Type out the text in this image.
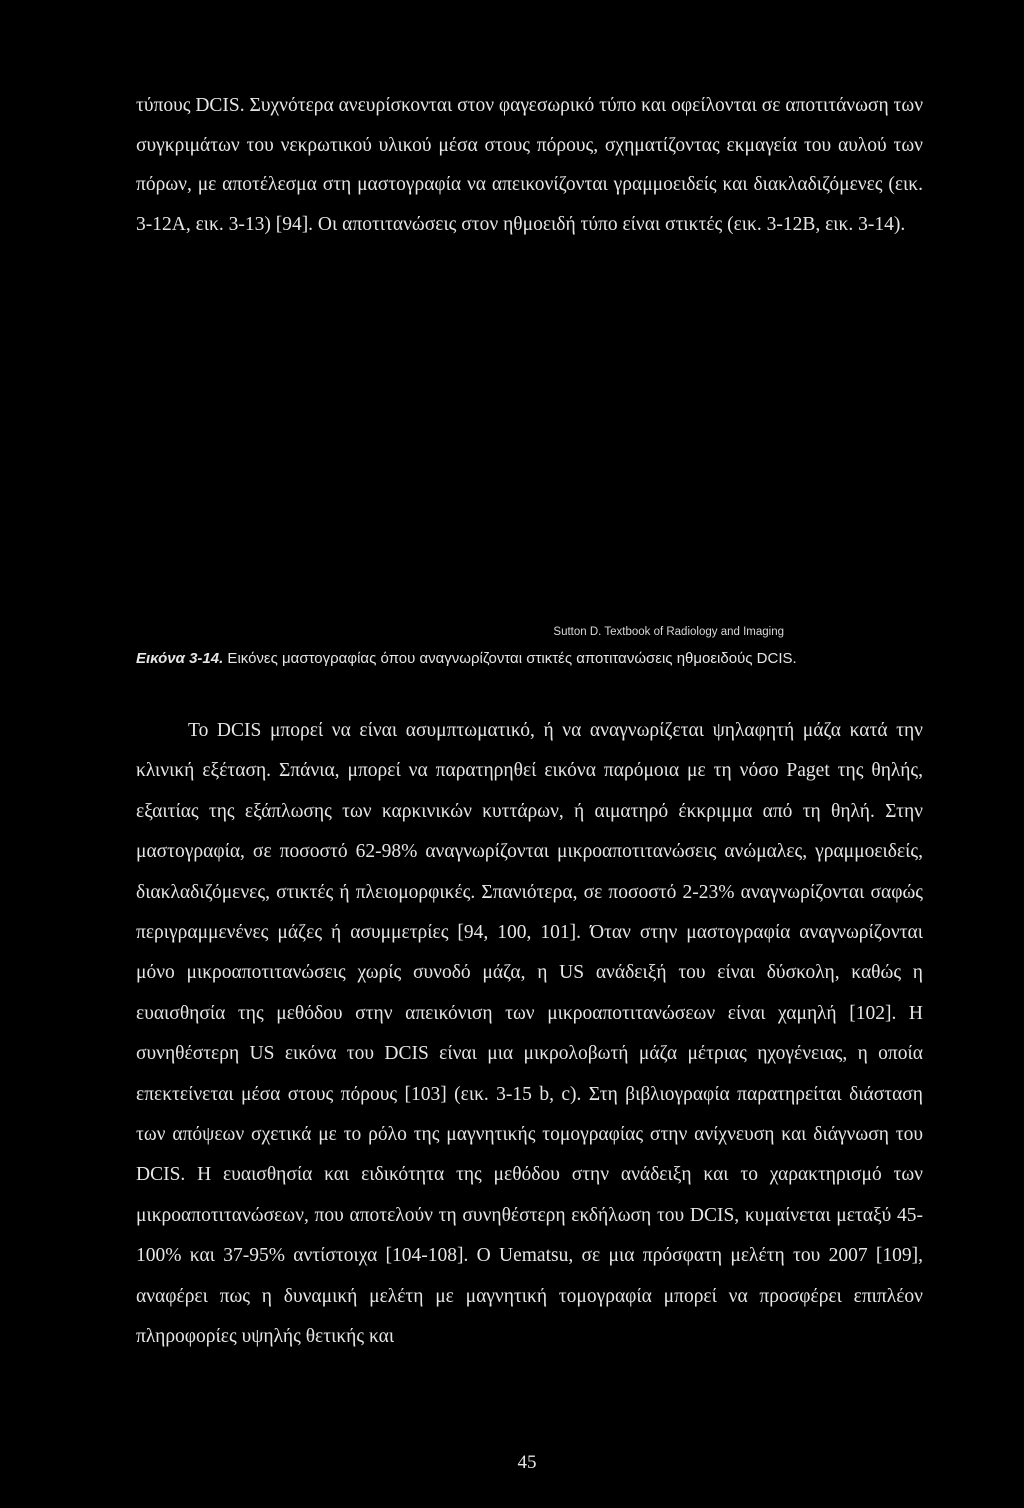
τύπους DCIS. Συχνότερα ανευρίσκονται στον φαγεσωρικό τύπο και οφείλονται σε αποτιτάνωση των συγκριμάτων του νεκρωτικού υλικού μέσα στους πόρους, σχηματίζοντας εκμαγεία του αυλού των πόρων, με αποτέλεσμα στη μαστογραφία να απεικονίζονται γραμμοειδείς και διακλαδιζόμενες (εικ. 3-12Α, εικ. 3-13) [94]. Οι αποτιτανώσεις στον ηθμοειδή τύπο είναι στικτές (εικ. 3-12Β, εικ. 3-14).

Sutton D. Textbook of Radiology and Imaging
Εικόνα 3-14. Εικόνες μαστογραφίας όπου αναγνωρίζονται στικτές αποτιτανώσεις ηθμοειδούς DCIS.

Το DCIS μπορεί να είναι ασυμπτωματικό, ή να αναγνωρίζεται ψηλαφητή μάζα κατά την κλινική εξέταση. Σπάνια, μπορεί να παρατηρηθεί εικόνα παρόμοια με τη νόσο Paget της θηλής, εξαιτίας της εξάπλωσης των καρκινικών κυττάρων, ή αιματηρό έκκριμμα από τη θηλή. Στην μαστογραφία, σε ποσοστό 62-98% αναγνωρίζονται μικροαποτιτανώσεις ανώμαλες, γραμμοειδείς, διακλαδιζόμενες, στικτές ή πλειομορφικές. Σπανιότερα, σε ποσοστό 2-23% αναγνωρίζονται σαφώς περιγραμμενένες μάζες ή ασυμμετρίες [94, 100, 101]. Όταν στην μαστογραφία αναγνωρίζονται μόνο μικροαποτιτανώσεις χωρίς συνοδό μάζα, η US ανάδειξή του είναι δύσκολη, καθώς η ευαισθησία της μεθόδου στην απεικόνιση των μικροαποτιτανώσεων είναι χαμηλή [102]. Η συνηθέστερη US εικόνα του DCIS είναι μια μικρολοβωτή μάζα μέτριας ηχογένειας, η οποία επεκτείνεται μέσα στους πόρους [103] (εικ. 3-15 b, c). Στη βιβλιογραφία παρατηρείται διάσταση των απόψεων σχετικά με το ρόλο της μαγνητικής τομογραφίας στην ανίχνευση και διάγνωση του DCIS. Η ευαισθησία και ειδικότητα της μεθόδου στην ανάδειξη και το χαρακτηρισμό των μικροαποτιτανώσεων, που αποτελούν τη συνηθέστερη εκδήλωση του DCIS, κυμαίνεται μεταξύ 45-100% και 37-95% αντίστοιχα [104-108]. Ο Uematsu, σε μια πρόσφατη μελέτη του 2007 [109], αναφέρει πως η δυναμική μελέτη με μαγνητική τομογραφία μπορεί να προσφέρει επιπλέον πληροφορίες υψηλής θετικής και

45
